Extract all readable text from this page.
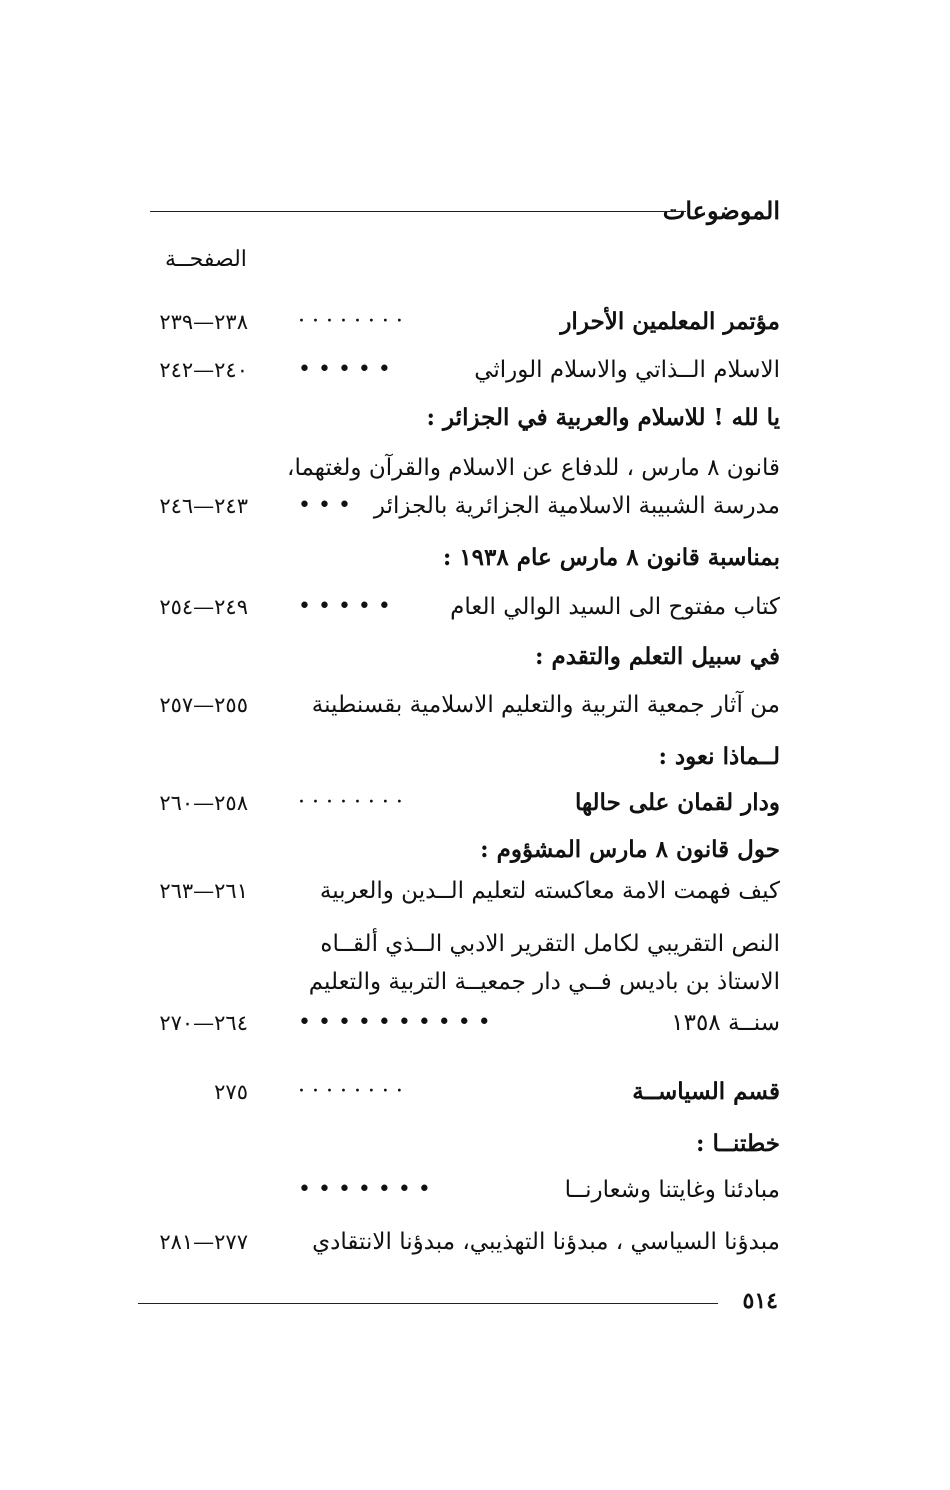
الموضوعات
الصفحــة
مؤتمر المعلمين الأحرار
· · · · · · · ·
٢٣٨—٢٣٩
الاسلام الــذاتي والاسلام الوراثي
• • • • •
٢٤٠—٢٤٢
يا لله ! للاسلام والعربية في الجزائر :
قانون ٨ مارس ، للدفاع عن الاسلام والقرآن ولغتهما،
مدرسة الشبيبة الاسلامية الجزائرية بالجزائر
• • •
٢٤٣—٢٤٦
بمناسبة قانون ٨ مارس عام ١٩٣٨ :
كتاب مفتوح الى السيد الوالي العام
• • • • •
٢٤٩—٢٥٤
في سبيل التعلم والتقدم :
من آثار جمعية التربية والتعليم الاسلامية بقسنطينة
٢٥٥—٢٥٧
لــماذا نعود :
ودار لقمان على حالها
· · · · · · · ·
٢٥٨—٢٦٠
حول قانون ٨ مارس المشؤوم :
كيف فهمت الامة معاكسته لتعليم الــدين والعربية
٢٦١—٢٦٣
النص التقريبي لكامل التقرير الادبي الــذي ألقــاه
الاستاذ بن باديس فــي دار جمعيــة التربية والتعليم
سنــة ١٣٥٨
• • • • • • • • • •
٢٦٤—٢٧٠
قسم السياســة
· · · · · · · ·
٢٧٥
خطتنــا :
مبادئنا وغايتنا وشعارنــا
• • • • • • •
مبدؤنا السياسي ، مبدؤنا التهذيبي، مبدؤنا الانتقادي
٢٧٧—٢٨١
٥١٤
